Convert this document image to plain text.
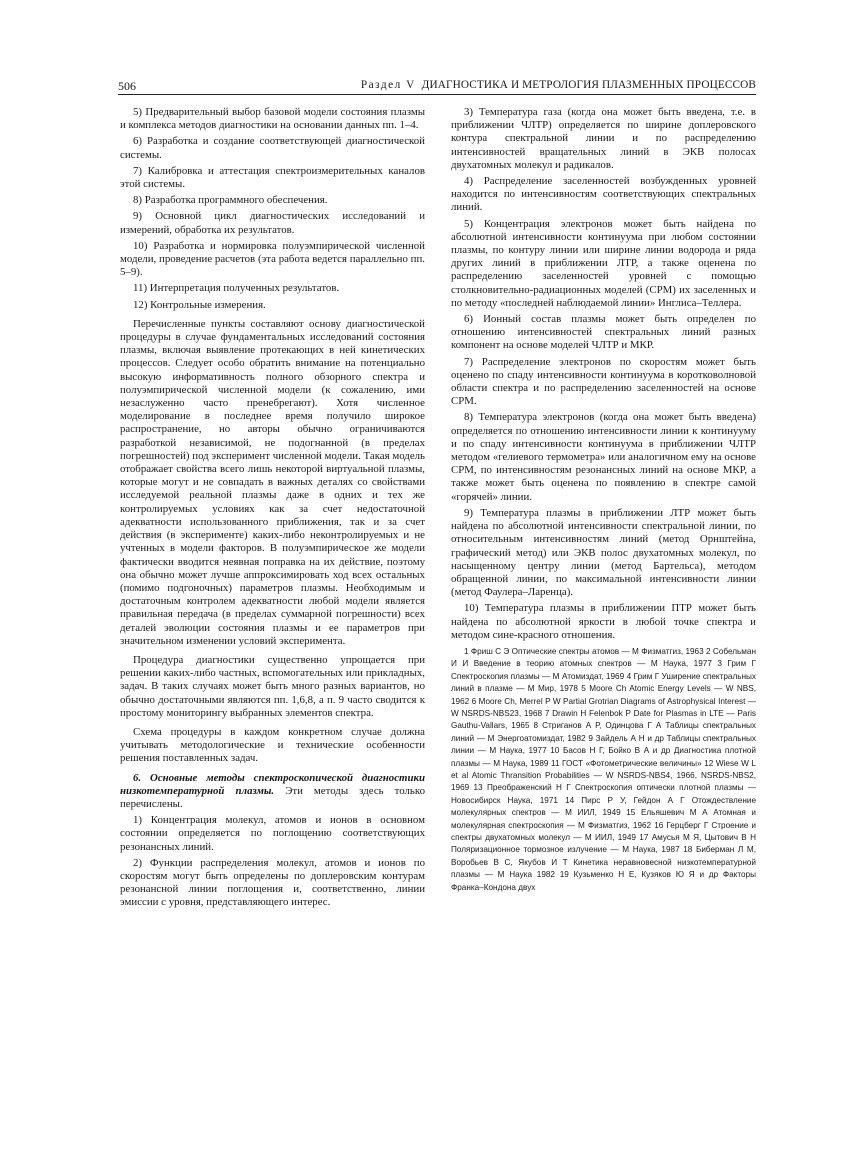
506	Раздел V ДИАГНОСТИКА И МЕТРОЛОГИЯ ПЛАЗМЕННЫХ ПРОЦЕССОВ

5) Предварительный выбор базовой модели состояния плазмы и комплекса методов диагностики на основании данных пп. 1–4.

6) Разработка и создание соответствующей диагностической системы.

7) Калибровка и аттестация спектроизмерительных каналов этой системы.

8) Разработка программного обеспечения.

9) Основной цикл диагностических исследований и измерений, обработка их результатов.

10) Разработка и нормировка полуэмпирической численной модели, проведение расчетов (эта работа ведется параллельно пп. 5–9).

11) Интерпретация полученных результатов.

12) Контрольные измерения.

Перечисленные пункты составляют основу диагностической процедуры в случае фундаментальных исследований состояния плазмы, включая выявление протекающих в ней кинетических процессов. Следует особо обратить внимание на потенциально высокую информативность полного обзорного спектра и полуэмпирической численной модели (к сожалению, ими незаслуженно часто пренебрегают). Хотя численное моделирование в последнее время получило широкое распространение, но авторы обычно ограничиваются разработкой независимой, не подогнанной (в пределах погрешностей) под эксперимент численной модели. Такая модель отображает свойства всего лишь некоторой виртуальной плазмы, которые могут и не совпадать в важных деталях со свойствами исследуемой реальной плазмы даже в одних и тех же контролируемых условиях как за счет недостаточной адекватности использованного приближения, так и за счет действия (в эксперименте) каких-либо неконтролируемых и не учтенных в модели факторов. В полуэмпирическое же модели фактически вводится неявная поправка на их действие, поэтому она обычно может лучше аппроксимировать ход всех остальных (помимо подгоночных) параметров плазмы. Необходимым и достаточным контролем адекватности любой модели является правильная передача (в пределах суммарной погрешности) всех деталей эволюции состояния плазмы и ее параметров при значительном изменении условий эксперимента.

Процедура диагностики существенно упрощается при решении каких-либо частных, вспомогательных или прикладных, задач. В таких случаях может быть много разных вариантов, но обычно достаточными являются пп. 1,6,8, а п. 9 часто сводится к простому мониторингу выбранных элементов спектра.

Схема процедуры в каждом конкретном случае должна учитывать методологические и технические особенности решения поставленных задач.

6. Основные методы спектроскопической диагностики низкотемпературной плазмы. Эти методы здесь только перечислены.

1) Концентрация молекул, атомов и ионов в основном состоянии определяется по поглощению соответствующих резонансных линий.

2) Функции распределения молекул, атомов и ионов по скоростям могут быть определены по доплеровским контурам резонансной линии поглощения и, соответственно, линии эмиссии с уровня, представляющего интерес.

3) Температура газа (когда она может быть введена, т.е. в приближении ЧЛТР) определяется по ширине доплеровского контура спектральной линии и по распределению интенсивностей вращательных линий в ЭКВ полосах двухатомных молекул и радикалов.

4) Распределение заселенностей возбужденных уровней находится по интенсивностям соответствующих спектральных линий.

5) Концентрация электронов может быть найдена по абсолютной интенсивности континуума при любом состоянии плазмы, по контуру линии или ширине линии водорода и ряда других линий в приближении ЛТР, а также оценена по распределению заселенностей уровней с помощью столкновительно-радиационных моделей (СРМ) их заселенных и по методу «последней наблюдаемой линии» Инглиса–Теллера.

6) Ионный состав плазмы может быть определен по отношению интенсивностей спектральных линий разных компонент на основе моделей ЧЛТР и МКР.

7) Распределение электронов по скоростям может быть оценено по спаду интенсивности континуума в коротковолновой области спектра и по распределению заселенностей на основе СРМ.

8) Температура электронов (когда она может быть введена) определяется по отношению интенсивности линии к континууму и по спаду интенсивности континуума в приближении ЧЛТР методом «гелиевого термометра» или аналогичном ему на основе СРМ, по интенсивностям резонансных линий на основе МКР, а также может быть оценена по появлению в спектре самой «горячей» линии.

9) Температура плазмы в приближении ЛТР может быть найдена по абсолютной интенсивности спектральной линии, по относительным интенсивностям линий (метод Орнштейна, графический метод) или ЭКВ полос двухатомных молекул, по насыщенному центру линии (метод Бартельса), методом обращенной линии, по максимальной интенсивности линии (метод Фаулера–Ларенца).

10) Температура плазмы в приближении ПТР может быть найдена по абсолютной яркости в любой точке спектра и методом сине-красного отношения.

1 Фриш С Э Оптические спектры атомов — М Физматгиз, 1963 2 Собельман И И Введение в теорию атомных спектров — М Наука, 1977 3 Грим Г Спектроскопия плазмы — М Атомиздат, 1969 4 Грим Г Уширение спектральных линий в плазме — М Мир, 1978 5 Moore Ch Atomic Energy Levels — W NBS, 1962 6 Moore Ch, Merrel P W Partial Grotrian Diagrams of Astrophysical Interest — W NSRDS-NBS23, 1968 7 Drawin H Felenbok P Date for Plasmas in LTE — Paris Gauthu-Vallars, 1965 8 Стриганов А Р, Одинцова Г А Таблицы спектральных линий — М Энергоатомиздат, 1982 9 Зайдель А Н и др Таблицы спектральных линии — М Наука, 1977 10 Басов Н Г, Бойко В А и др Диагностика плотной плазмы — М Наука, 1989 11 ГОСТ «Фотометрические величины» 12 Wiese W L et al Atomic Thransition Probabilities — W NSRDS-NBS4, 1966, NSRDS-NBS2, 1969 13 Преображенский Н Г Спектроскопия оптически плотной плазмы — Новосибирск Наука, 1971 14 Пирс Р У, Гейдон А Г Отождествление молекулярных спектров — М ИИЛ, 1949 15 Ельяшевич М А Атомная и молекулярная спектроскопия — М Физматгиз, 1962 16 Герцберг Г Строение и спектры двухатомных молекул — М ИИЛ, 1949 17 Амусья М Я, Цытович В Н Поляризационное тормозное излучение — М Наука, 1987 18 Биберман Л М, Воробьев В С, Якубов И Т Кинетика неравновесной низкотемпературной плазмы — М Наука 1982 19 Кузьменко Н Е, Кузяков Ю Я и др Факторы Франка–Кондона двух
